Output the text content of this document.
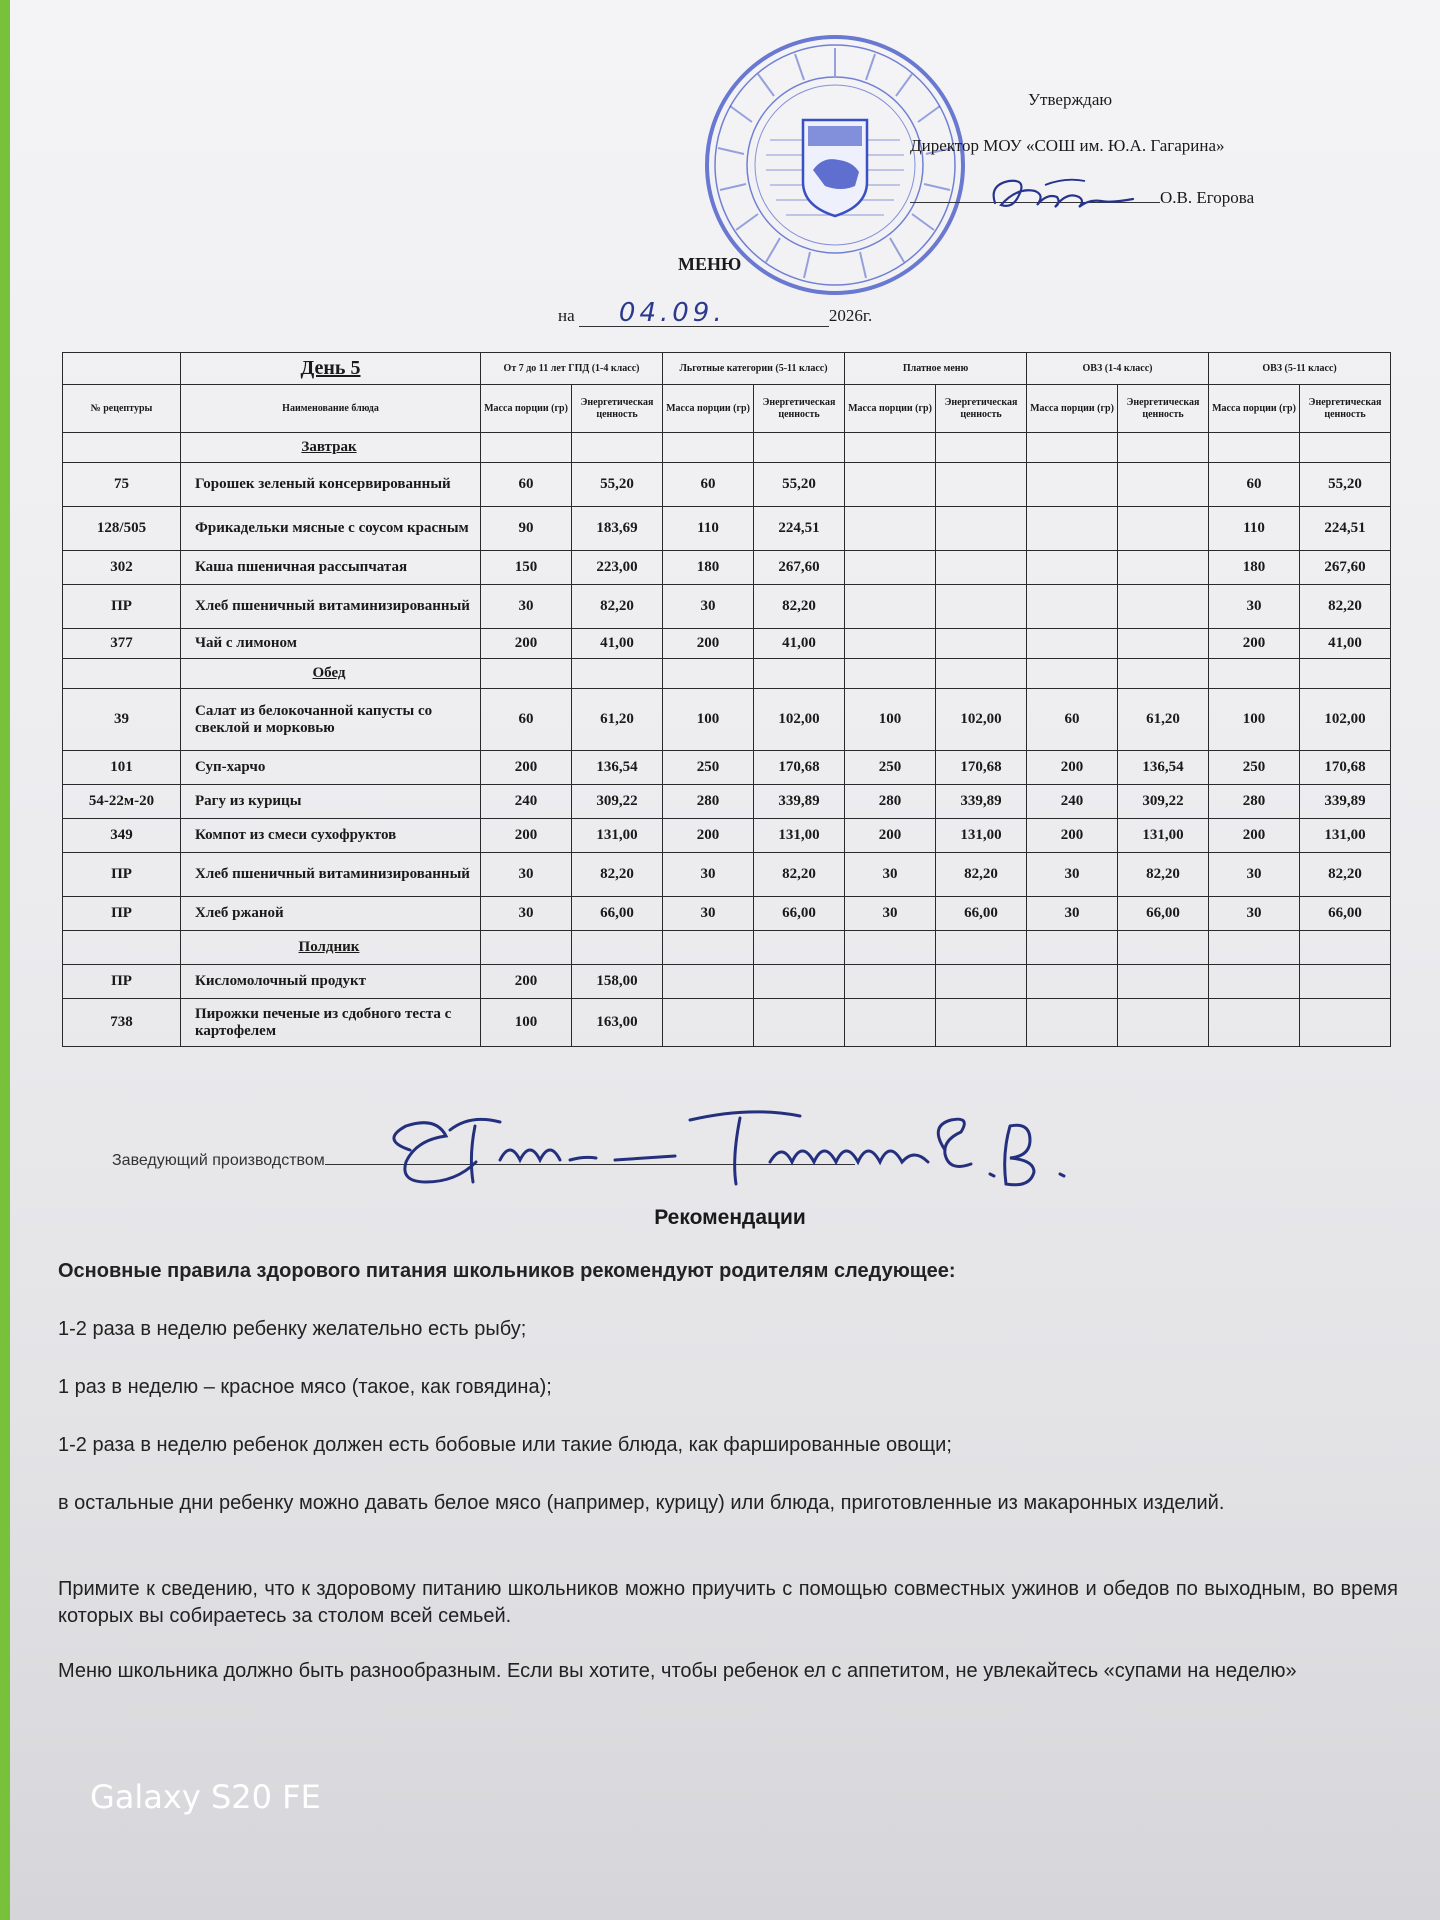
Утверждаю
Директор МОУ «СОШ им. Ю.А. Гагарина»
О.В. Егорова
МЕНЮ
на 04.09.	2026г.
	День 5	От 7 до 11 лет ГПД (1-4 класс)		Льготные категории (5-11 класс)		Платное меню		ОВЗ (1-4 класс)		ОВЗ (5-11 класс)	
№ рецептуры	Наименование блюда	Масса порции (гр)	Энергетическая ценность	Масса порции (гр)	Энергетическая ценность	Масса порции (гр)	Энергетическая ценность	Масса порции (гр)	Энергетическая ценность	Масса порции (гр)	Энергетическая ценность
	Завтрак										
75	Горошек зеленый консервированный	60	55,20	60	55,20					60	55,20
128/505	Фрикадельки мясные с соусом красным	90	183,69	110	224,51					110	224,51
302	Каша пшеничная рассыпчатая	150	223,00	180	267,60					180	267,60
ПР	Хлеб пшеничный витаминизированный	30	82,20	30	82,20					30	82,20
377	Чай с лимоном	200	41,00	200	41,00					200	41,00
	Обед										
39	Салат из белокочанной капусты со свеклой и морковью	60	61,20	100	102,00	100	102,00	60	61,20	100	102,00
101	Суп-харчо	200	136,54	250	170,68	250	170,68	200	136,54	250	170,68
54-22м-20	Рагу из курицы	240	309,22	280	339,89	280	339,89	240	309,22	280	339,89
349	Компот из смеси сухофруктов	200	131,00	200	131,00	200	131,00	200	131,00	200	131,00
ПР	Хлеб пшеничный витаминизированный	30	82,20	30	82,20	30	82,20	30	82,20	30	82,20
ПР	Хлеб ржаной	30	66,00	30	66,00	30	66,00	30	66,00	30	66,00
	Полдник										
ПР	Кисломолочный продукт	200	158,00								
738	Пирожки печеные из сдобного теста с картофелем	100	163,00								
Заведующий производством
Рекомендации
Основные правила здорового питания школьников рекомендуют родителям следующее:
1-2 раза в неделю ребенку желательно есть рыбу;
1 раз в неделю – красное мясо (такое, как говядина);
1-2 раза в неделю ребенок должен есть бобовые или такие блюда, как фаршированные овощи;
в остальные дни ребенку можно давать белое мясо (например, курицу) или блюда, приготовленные из макаронных изделий.
Примите к сведению, что к здоровому питанию школьников можно приучить с помощью совместных ужинов и обедов по выходным, во время которых вы собираетесь за столом всей семьей.
Меню школьника должно быть разнообразным. Если вы хотите, чтобы ребенок ел с аппетитом, не увлекайтесь «супами на неделю»
Galaxy S20 FE
